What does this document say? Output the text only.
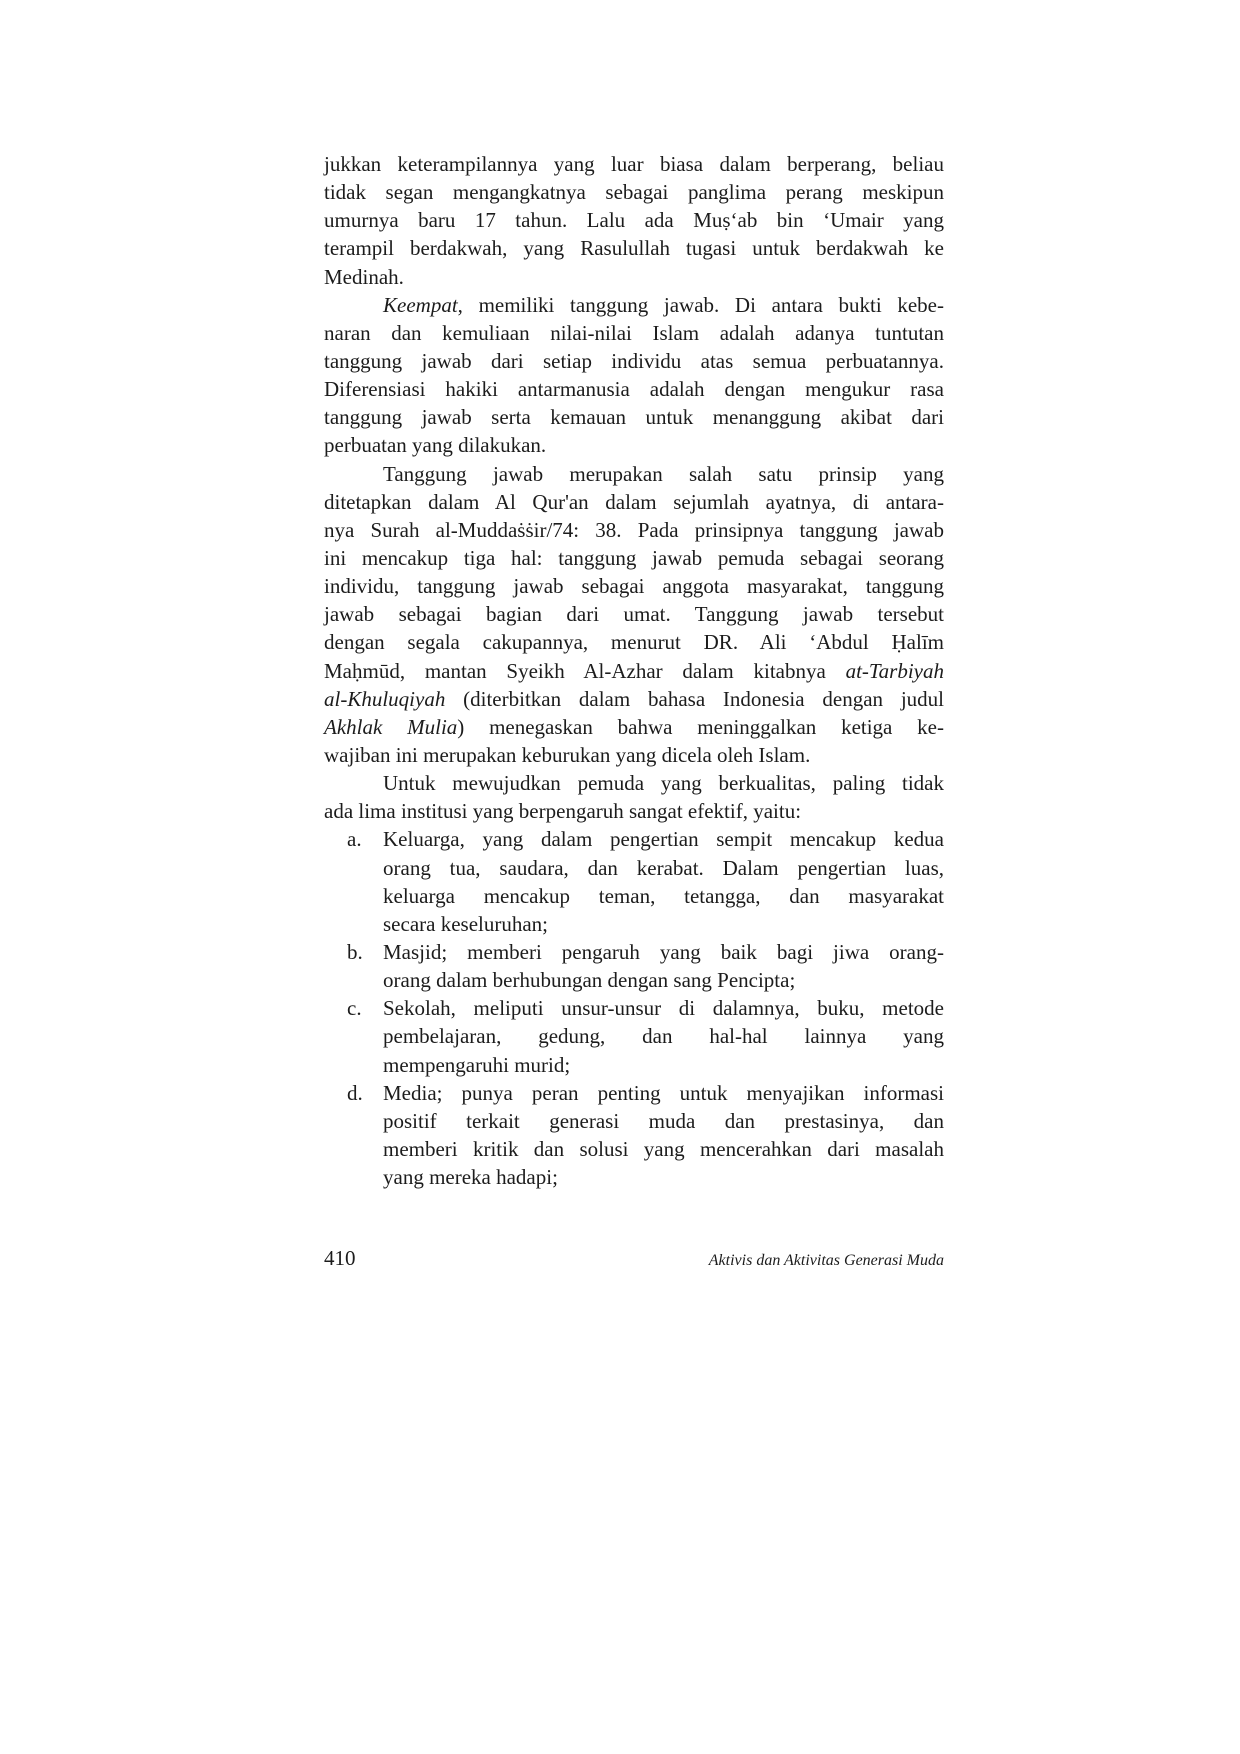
jukkan keterampilannya yang luar biasa dalam berperang, beliau
tidak segan mengangkatnya sebagai panglima perang meskipun
umurnya baru 17 tahun. Lalu ada Muṣ‘ab bin ‘Umair yang
terampil berdakwah, yang Rasulullah tugasi untuk berdakwah ke
Medinah.
Keempat, memiliki tanggung jawab. Di antara bukti kebe-
naran dan kemuliaan nilai-nilai Islam adalah adanya tuntutan
tanggung jawab dari setiap individu atas semua perbuatannya.
Diferensiasi hakiki antarmanusia adalah dengan mengukur rasa
tanggung jawab serta kemauan untuk menanggung akibat dari
perbuatan yang dilakukan.
Tanggung jawab merupakan salah satu prinsip yang
ditetapkan dalam Al Qur'an dalam sejumlah ayatnya, di antara-
nya Surah al-Muddaṡṡir/74: 38. Pada prinsipnya tanggung jawab
ini mencakup tiga hal: tanggung jawab pemuda sebagai seorang
individu, tanggung jawab sebagai anggota masyarakat, tanggung
jawab sebagai bagian dari umat. Tanggung jawab tersebut
dengan segala cakupannya, menurut DR. Ali ‘Abdul Ḥalīm
Maḥmūd, mantan Syeikh Al-Azhar dalam kitabnya at-Tarbiyah
al-Khuluqiyah (diterbitkan dalam bahasa Indonesia dengan judul
Akhlak Mulia) menegaskan bahwa meninggalkan ketiga ke-
wajiban ini merupakan keburukan yang dicela oleh Islam.
Untuk mewujudkan pemuda yang berkualitas, paling tidak
ada lima institusi yang berpengaruh sangat efektif, yaitu:
a.	Keluarga, yang dalam pengertian sempit mencakup kedua
orang tua, saudara, dan kerabat. Dalam pengertian luas,
keluarga mencakup teman, tetangga, dan masyarakat
secara keseluruhan;
b. Masjid; memberi pengaruh yang baik bagi jiwa orang-
orang dalam berhubungan dengan sang Pencipta;
c.	Sekolah, meliputi unsur-unsur di dalamnya, buku, metode
pembelajaran, gedung, dan hal-hal lainnya yang
mempengaruhi murid;
d. Media; punya peran penting untuk menyajikan informasi
positif terkait generasi muda dan prestasinya, dan
memberi kritik dan solusi yang mencerahkan dari masalah
yang mereka hadapi;
410	Aktivis dan Aktivitas Generasi Muda
